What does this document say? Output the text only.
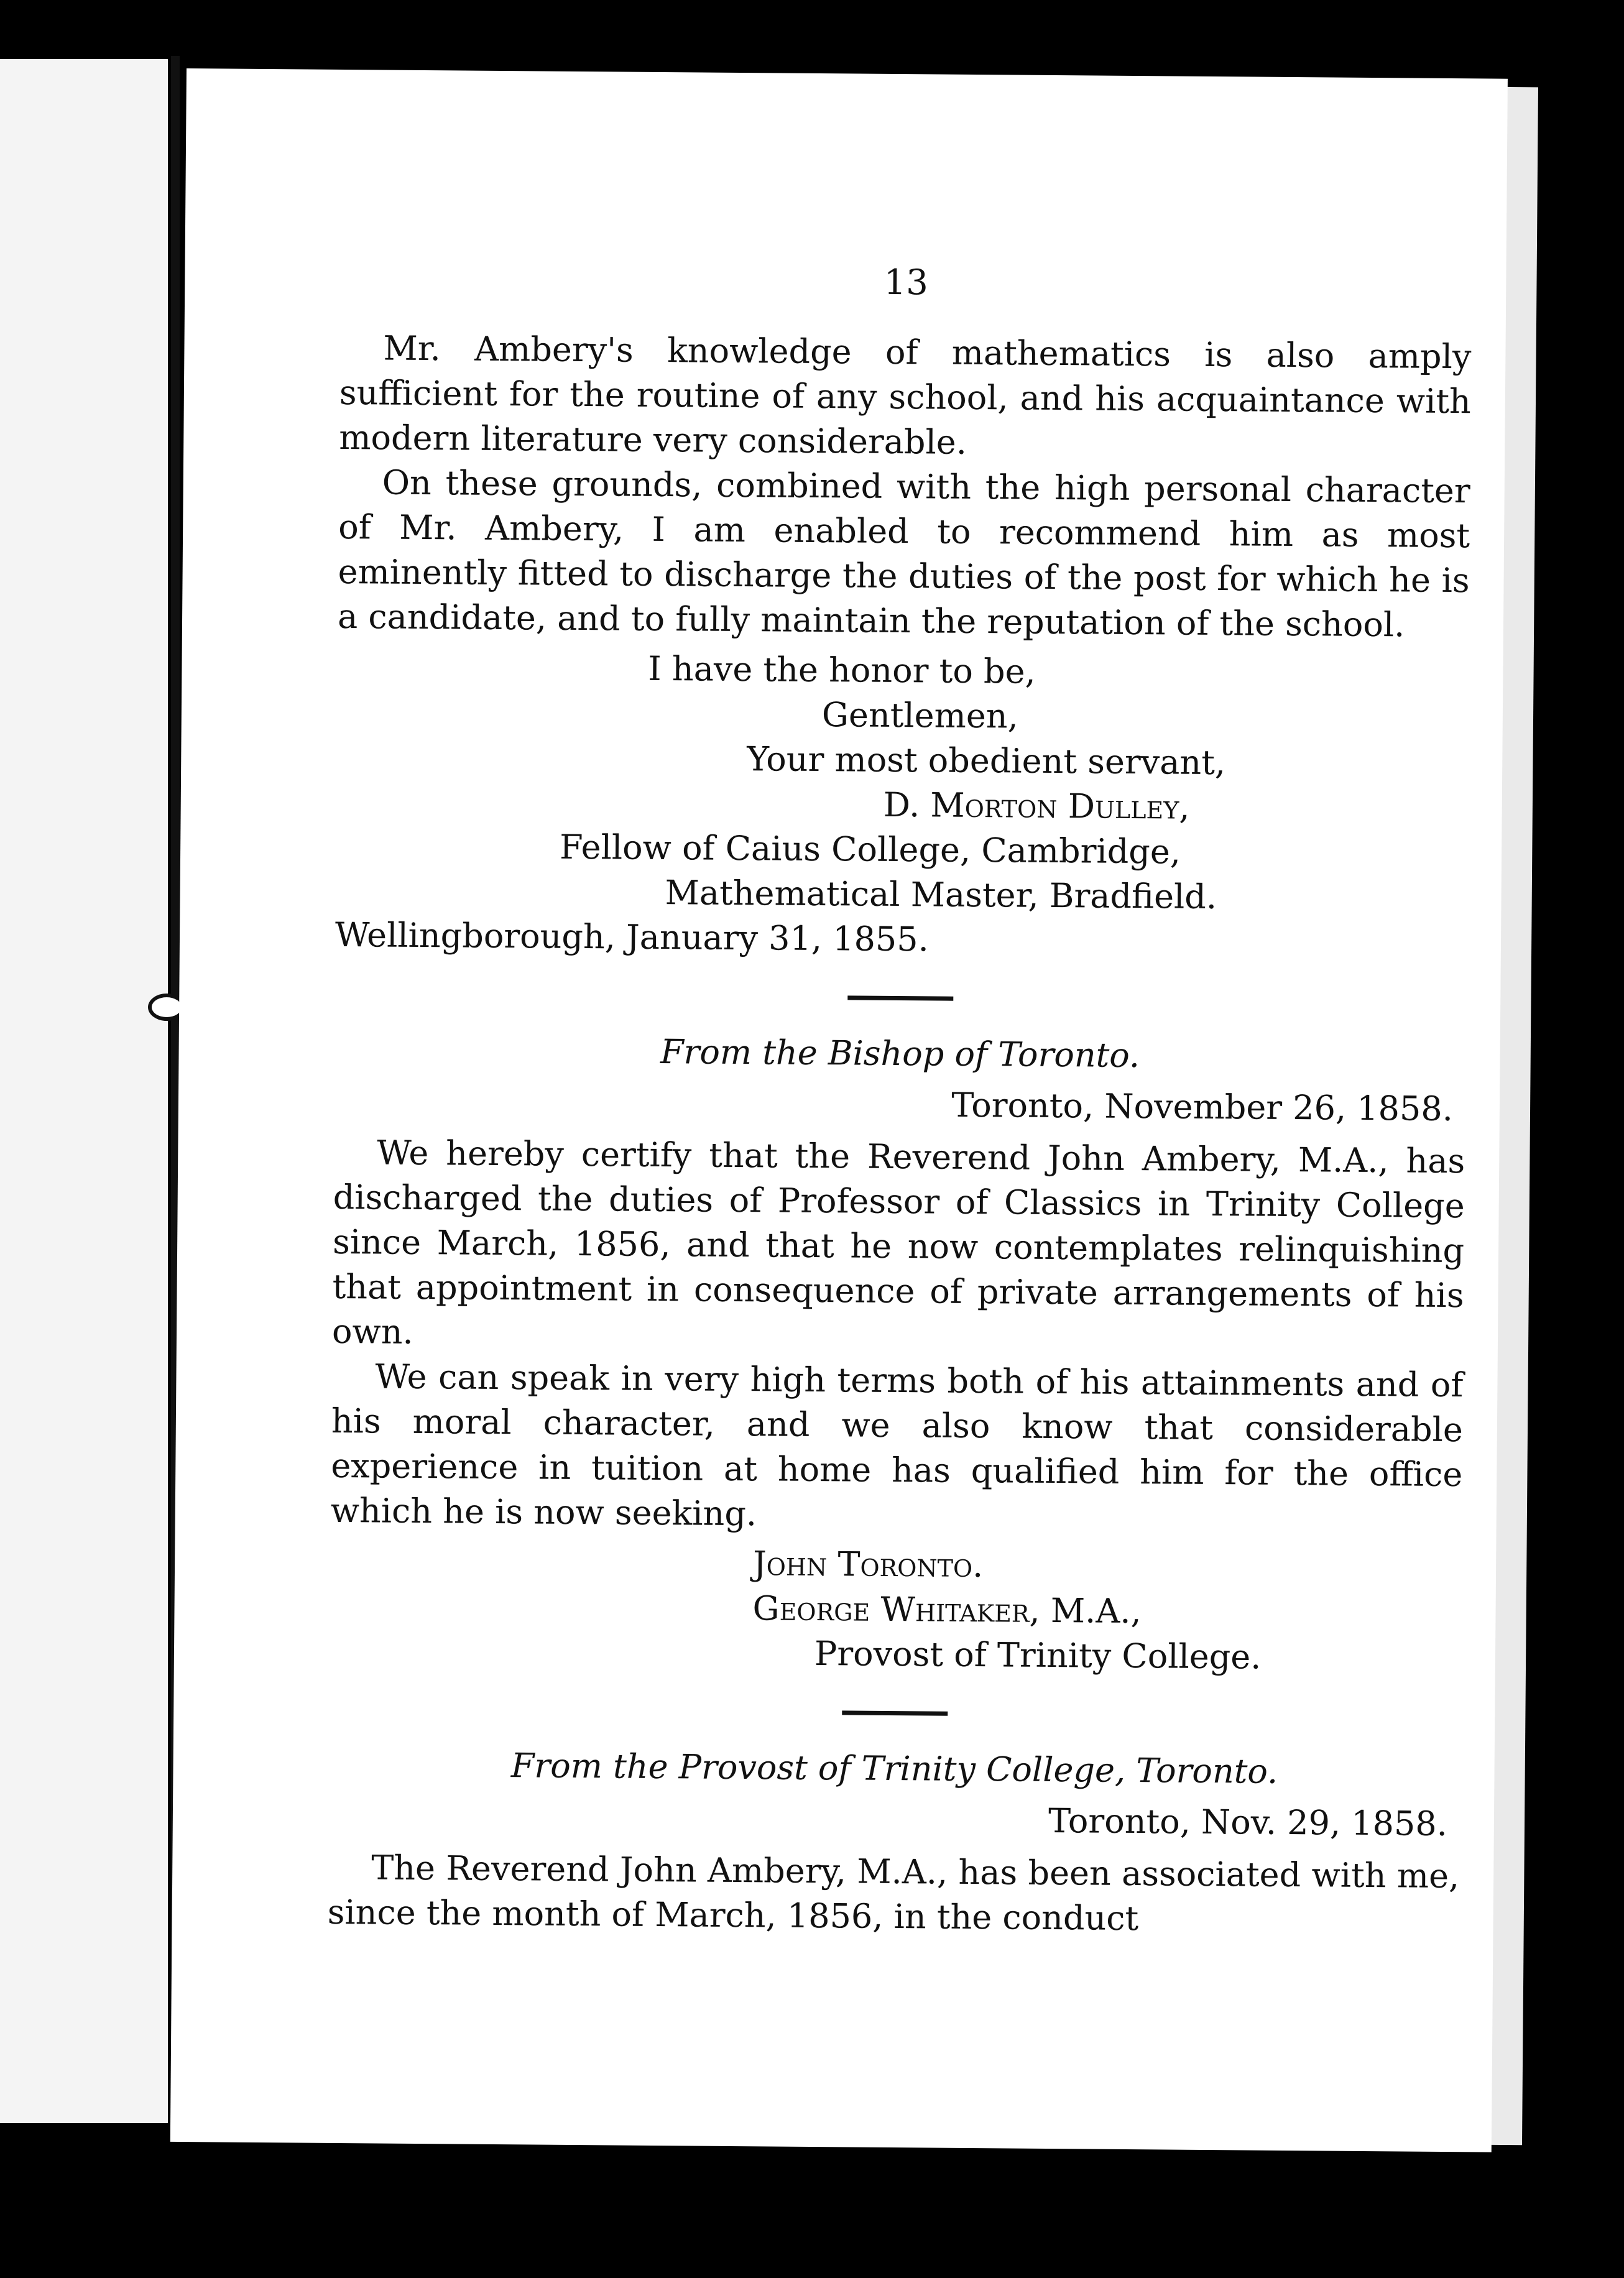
13

Mr. Ambery's knowledge of mathematics is also amply sufficient for the routine of any school, and his acquaintance with modern literature very considerable.

On these grounds, combined with the high personal character of Mr. Ambery, I am enabled to recommend him as most eminently fitted to discharge the duties of the post for which he is a candidate, and to fully maintain the reputation of the school.

I have the honor to be,
Gentlemen,
Your most obedient servant,
D. Morton Dulley,
Fellow of Caius College, Cambridge,
Mathematical Master, Bradfield.
Wellingborough, January 31, 1855.

From the Bishop of Toronto.

Toronto, November 26, 1858.

We hereby certify that the Reverend John Ambery, M.A., has discharged the duties of Professor of Classics in Trinity College since March, 1856, and that he now contemplates relinquishing that appointment in consequence of private arrangements of his own.

We can speak in very high terms both of his attainments and of his moral character, and we also know that considerable experience in tuition at home has qualified him for the office which he is now seeking.

John Toronto.
George Whitaker, M.A.,
Provost of Trinity College.

From the Provost of Trinity College, Toronto.

Toronto, Nov. 29, 1858.

The Reverend John Ambery, M.A., has been associated with me, since the month of March, 1856, in the conduct
